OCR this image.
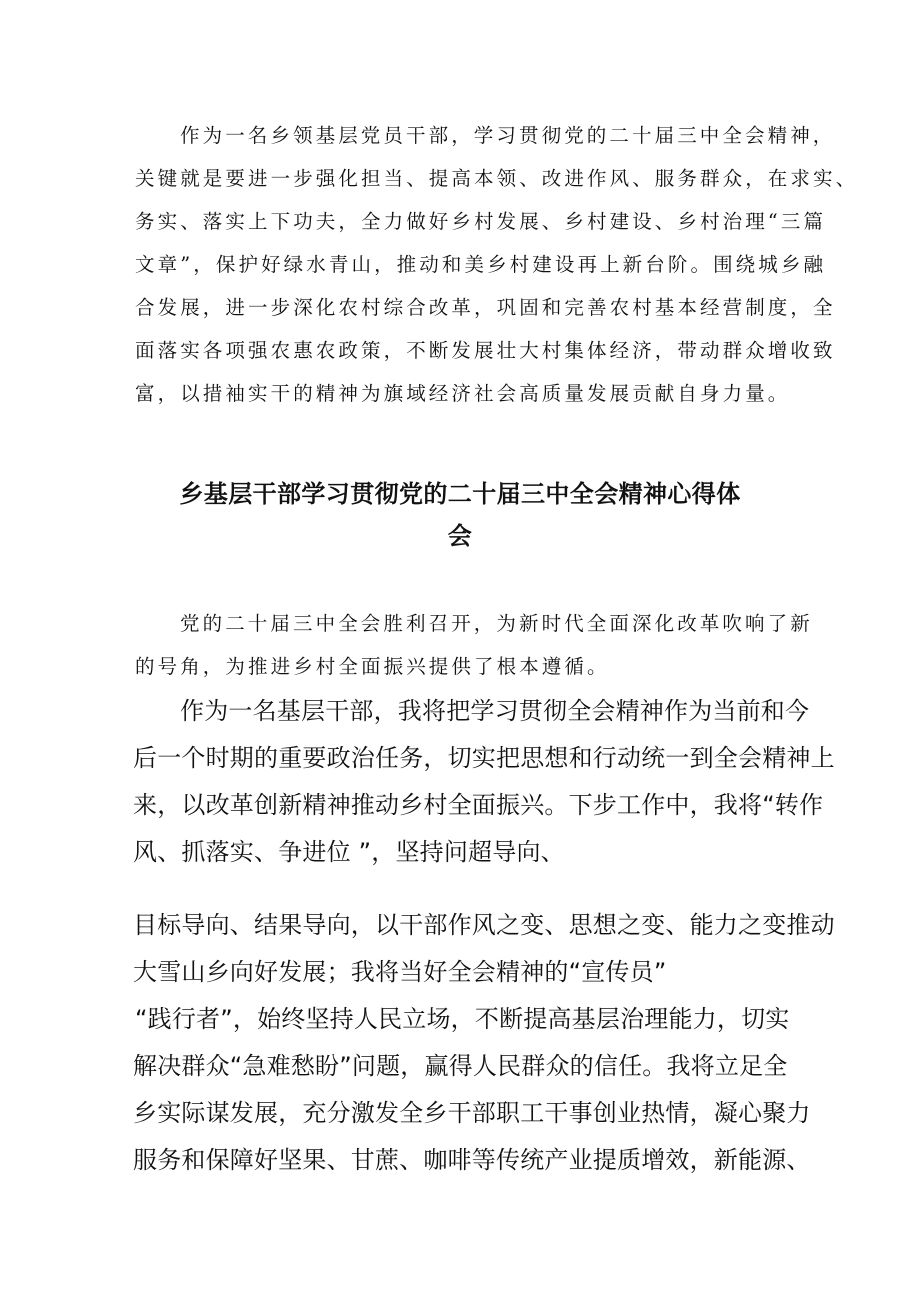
作为一名乡领基层党员干部，学习贯彻党的二十届三中全会精神，

关键就是要进一步强化担当、提高本领、改进作风、服务群众，在求实、

务实、落实上下功夫，全力做好乡村发展、乡村建设、乡村治理“三篇

文章”，保护好绿水青山，推动和美乡村建设再上新台阶。围绕城乡融

合发展，进一步深化农村综合改革，巩固和完善农村基本经营制度，全

面落实各项强农惠农政策，不断发展壮大村集体经济，带动群众增收致

富，以措袖实干的精神为旗域经济社会高质量发展贡献自身力量。

乡基层干部学习贯彻党的二十届三中全会精神心得体
会

党的二十届三中全会胜利召开，为新时代全面深化改革吹响了新

的号角，为推进乡村全面振兴提供了根本遵循。

作为一名基层干部，我将把学习贯彻全会精神作为当前和今

后一个时期的重要政治任务，切实把思想和行动统一到全会精神上

来，以改革创新精神推动乡村全面振兴。下步工作中，我将“转作

风、抓落实、争进位 ”，坚持问超导向、

目标导向、结果导向，以干部作风之变、思想之变、能力之变推动

大雪山乡向好发展；我将当好全会精神的“宣传员”

“践行者”，始终坚持人民立场，不断提高基层治理能力，切实

解决群众“急难愁盼”问题，赢得人民群众的信任。我将立足全

乡实际谋发展，充分激发全乡干部职工干事创业热情，凝心聚力

服务和保障好坚果、甘蔗、咖啡等传统产业提质增效，新能源、
